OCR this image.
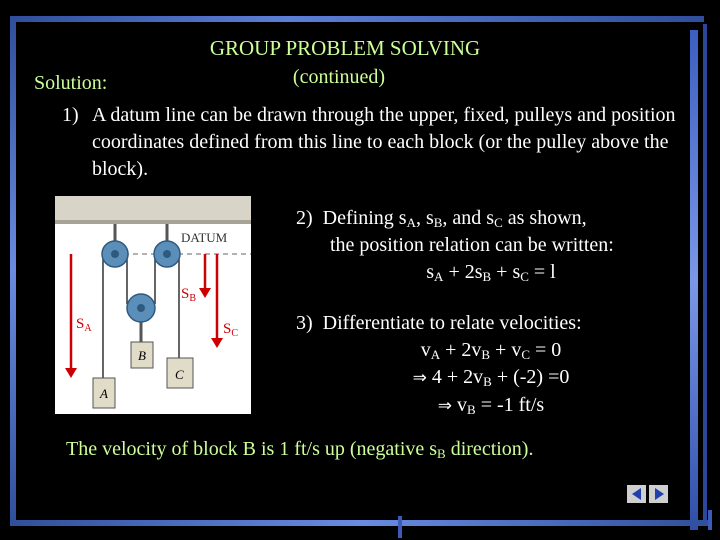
GROUP PROBLEM SOLVING
(continued)
Solution:
1) A datum line can be drawn through the upper, fixed, pulleys and position coordinates defined from this line to each block (or the pulley above the block).
DATUM
A
B
C
$S_A$
$S_B$
$S_C$
2) Defining $s_A$, $s_B$, and $s_C$ as shown,
the position relation can be written:
$s_A + 2s_B + s_C = l$
3) Differentiate to relate velocities:
$v_A + 2v_B + v_C = 0$
⇒ $4 + 2v_B + (-2) =0$
⇒ $v_B = -1$ ft/s
The velocity of block B is 1 ft/s up (negative $s_B$ direction).
